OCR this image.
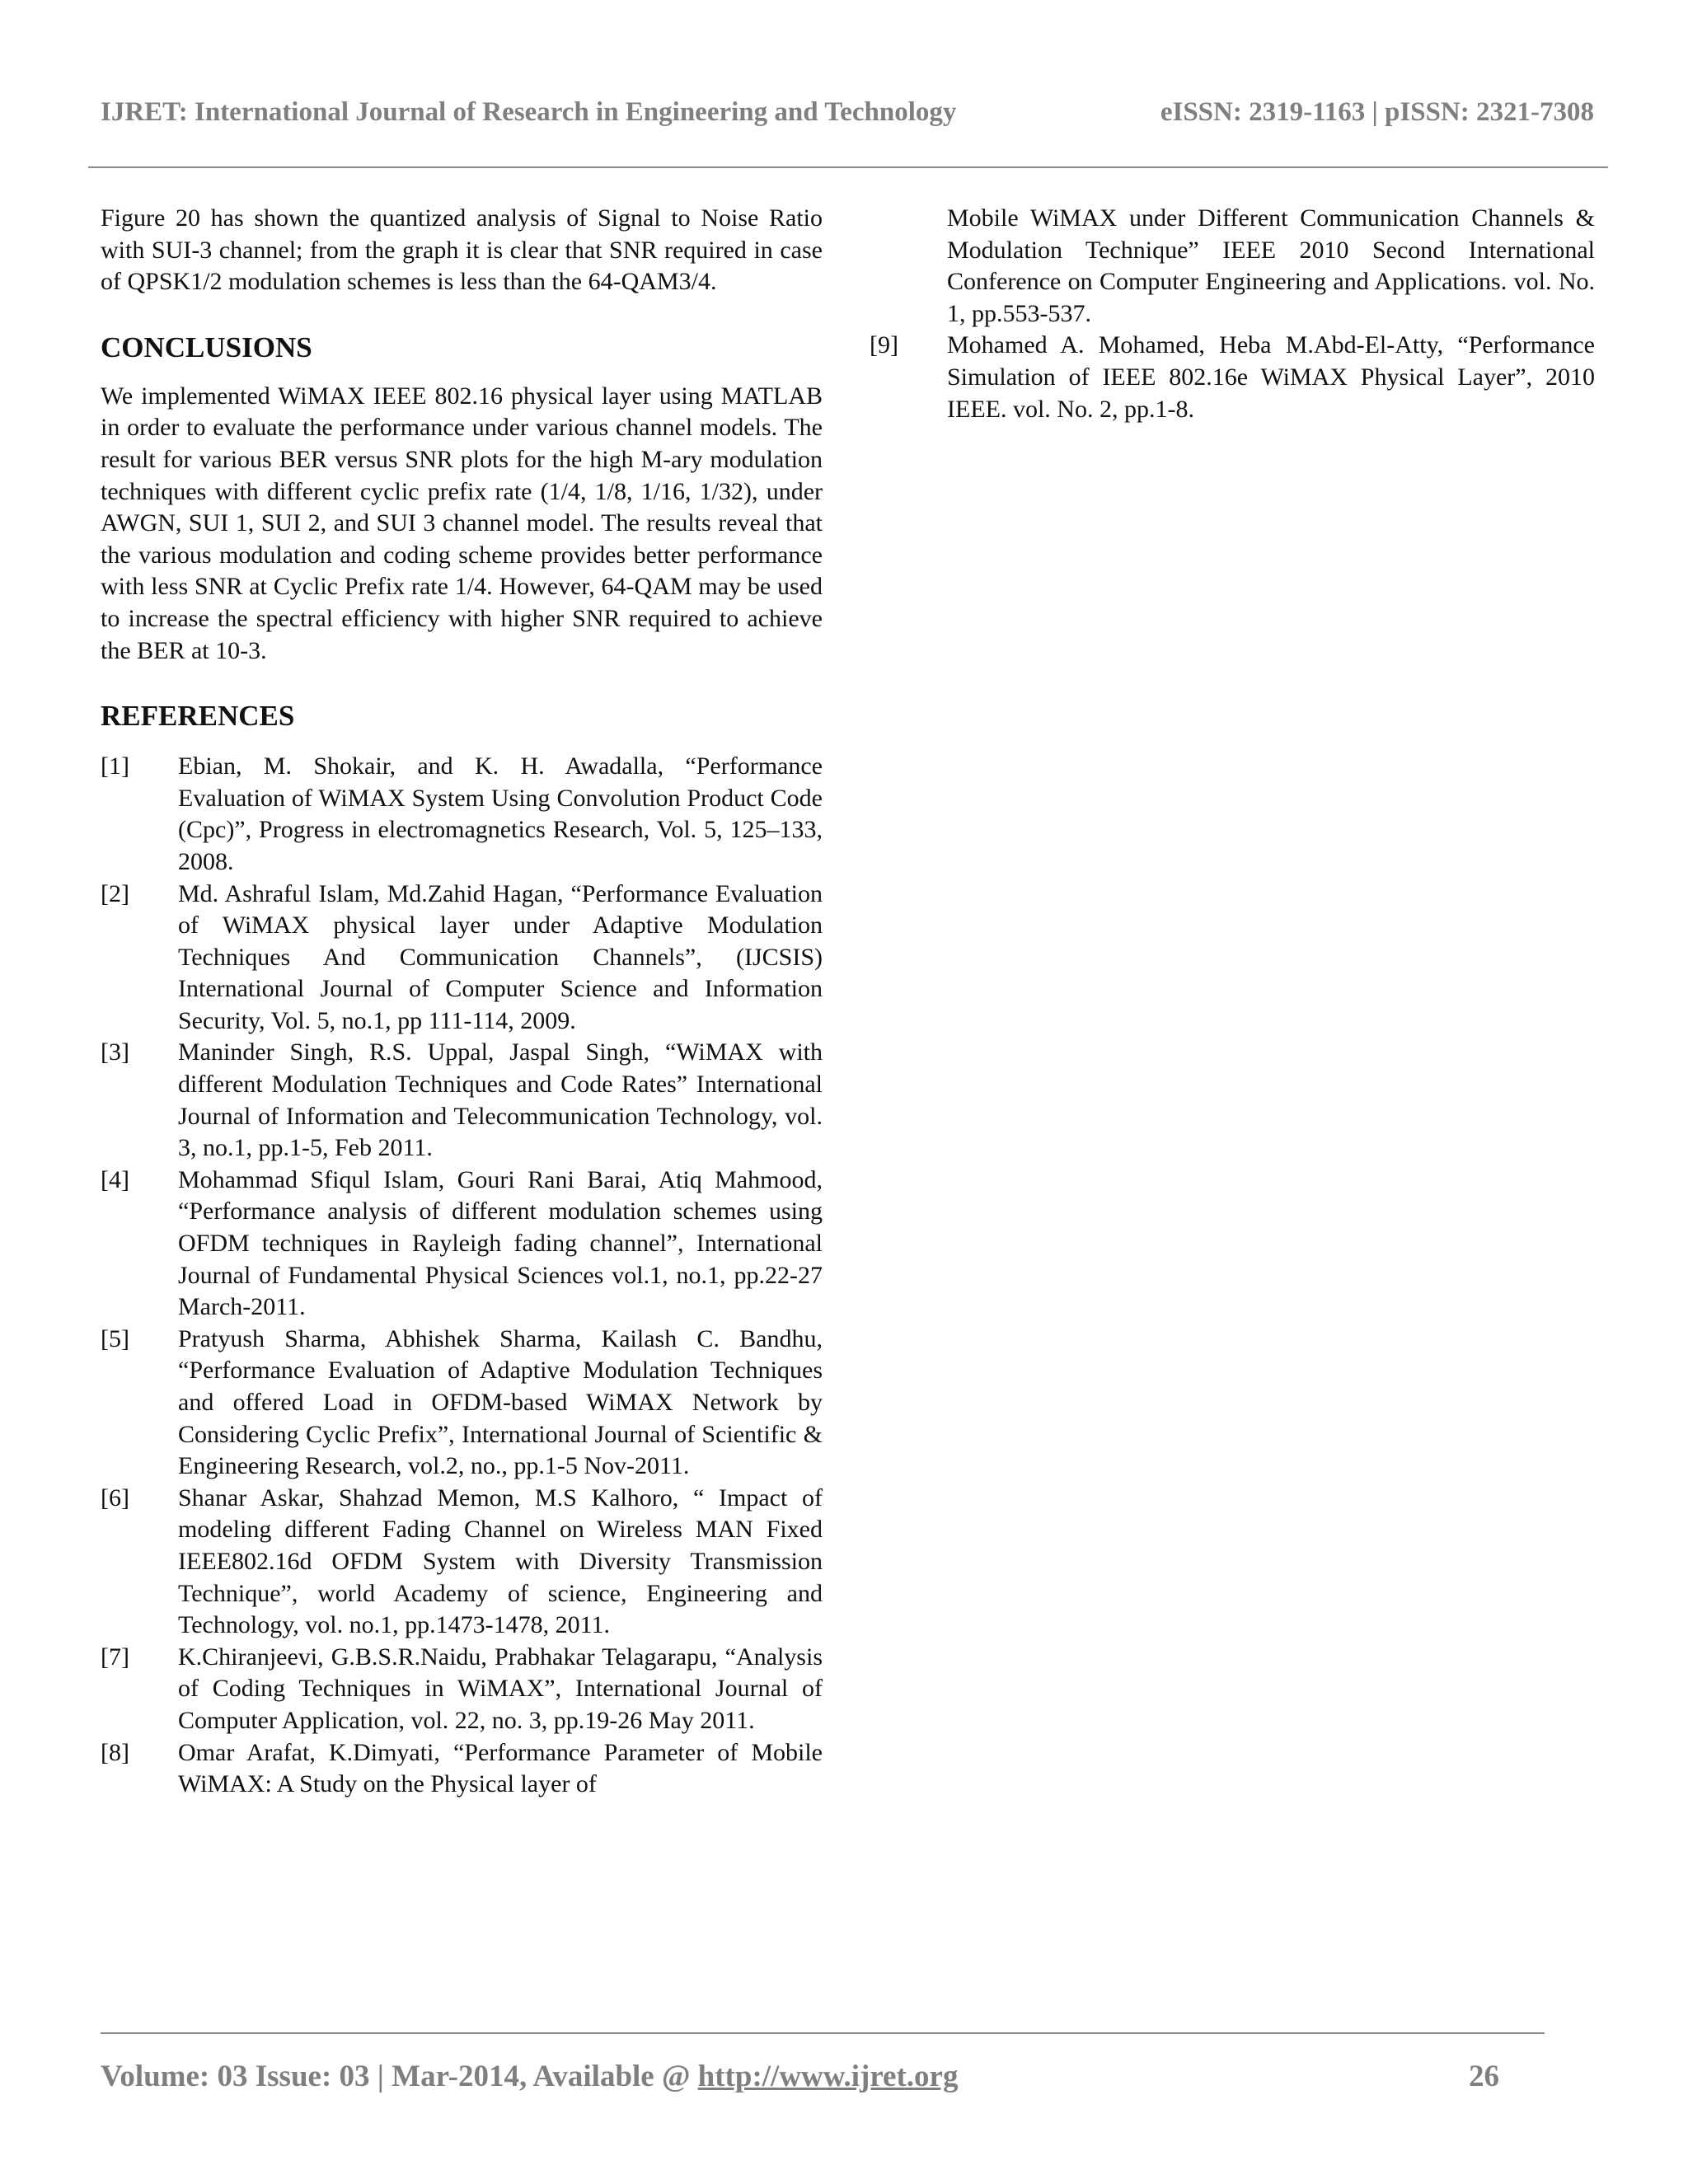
IJRET: International Journal of Research in Engineering and Technology	eISSN: 2319-1163 | pISSN: 2321-7308

Figure 20 has shown the quantized analysis of Signal to Noise Ratio with SUI-3 channel; from the graph it is clear that SNR required in case of QPSK1/2 modulation schemes is less than the 64-QAM3/4.

CONCLUSIONS

We implemented WiMAX IEEE 802.16 physical layer using MATLAB in order to evaluate the performance under various channel models. The result for various BER versus SNR plots for the high M-ary modulation techniques with different cyclic prefix rate (1/4, 1/8, 1/16, 1/32), under AWGN, SUI 1, SUI 2, and SUI 3 channel model. The results reveal that the various modulation and coding scheme provides better performance with less SNR at Cyclic Prefix rate 1/4. However, 64-QAM may be used to increase the spectral efficiency with higher SNR required to achieve the BER at 10-3.

REFERENCES
[1]	Ebian, M. Shokair, and K. H. Awadalla, “Performance Evaluation of WiMAX System Using Convolution Product Code (Cpc)”, Progress in electromagnetics Research, Vol. 5, 125–133, 2008.
[2]	Md. Ashraful Islam, Md.Zahid Hagan, “Performance Evaluation of WiMAX physical layer under Adaptive Modulation Techniques And Communication Channels”, (IJCSIS) International Journal of Computer Science and Information Security, Vol. 5, no.1, pp 111-114, 2009.
[3]	Maninder Singh, R.S. Uppal, Jaspal Singh, “WiMAX with different Modulation Techniques and Code Rates” International Journal of Information and Telecommunication Technology, vol. 3, no.1, pp.1-5, Feb 2011.
[4]	Mohammad Sfiqul Islam, Gouri Rani Barai, Atiq Mahmood, “Performance analysis of different modulation schemes using OFDM techniques in Rayleigh fading channel”, International Journal of Fundamental Physical Sciences vol.1, no.1, pp.22-27 March-2011.
[5]	Pratyush Sharma, Abhishek Sharma, Kailash C. Bandhu, “Performance Evaluation of Adaptive Modulation Techniques and offered Load in OFDM-based WiMAX Network by Considering Cyclic Prefix”, International Journal of Scientific & Engineering Research, vol.2, no., pp.1-5 Nov-2011.
[6]	Shanar Askar, Shahzad Memon, M.S Kalhoro, “ Impact of modeling different Fading Channel on Wireless MAN Fixed IEEE802.16d OFDM System with Diversity Transmission Technique”, world Academy of science, Engineering and Technology, vol. no.1, pp.1473-1478, 2011.
[7]	K.Chiranjeevi, G.B.S.R.Naidu, Prabhakar Telagarapu, “Analysis of Coding Techniques in WiMAX”, International Journal of Computer Application, vol. 22, no. 3, pp.19-26 May 2011.
[8]	Omar Arafat, K.Dimyati, “Performance Parameter of Mobile WiMAX: A Study on the Physical layer of
Mobile WiMAX under Different Communication Channels & Modulation Technique” IEEE 2010 Second International Conference on Computer Engineering and Applications. vol. No. 1, pp.553-537.
[9]	Mohamed A. Mohamed, Heba M.Abd-El-Atty, “Performance Simulation of IEEE 802.16e WiMAX Physical Layer”, 2010 IEEE. vol. No. 2, pp.1-8.
Volume: 03 Issue: 03 | Mar-2014, Available @ http://www.ijret.org	26
